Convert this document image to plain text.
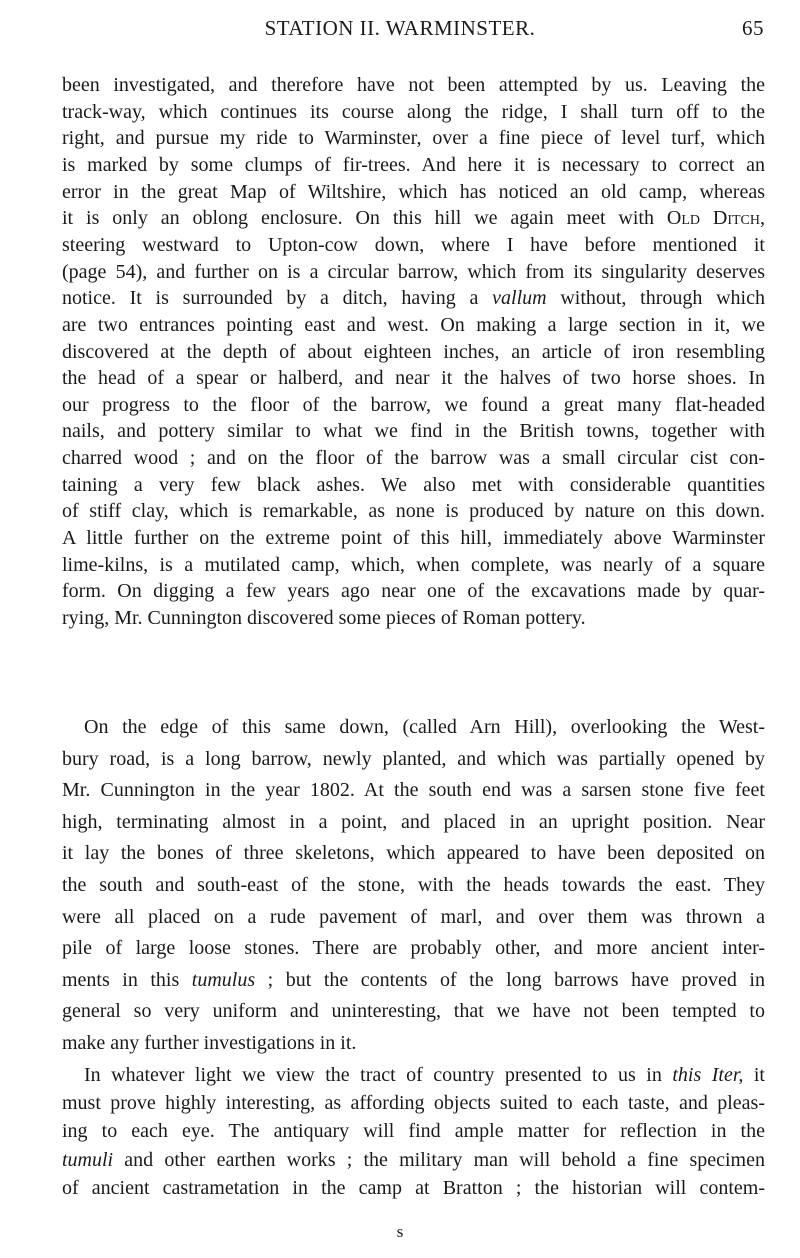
STATION II. WARMINSTER.	65
been investigated, and therefore have not been attempted by us. Leaving the
track-way, which continues its course along the ridge, I shall turn off to the
right, and pursue my ride to Warminster, over a fine piece of level turf, which
is marked by some clumps of fir-trees. And here it is necessary to correct an
error in the great Map of Wiltshire, which has noticed an old camp, whereas
it is only an oblong enclosure. On this hill we again meet with Old Ditch,
steering westward to Upton-cow down, where I have before mentioned it
(page 54), and further on is a circular barrow, which from its singularity deserves
notice. It is surrounded by a ditch, having a vallum without, through which
are two entrances pointing east and west. On making a large section in it, we
discovered at the depth of about eighteen inches, an article of iron resembling
the head of a spear or halberd, and near it the halves of two horse shoes. In
our progress to the floor of the barrow, we found a great many flat-headed
nails, and pottery similar to what we find in the British towns, together with
charred wood ; and on the floor of the barrow was a small circular cist con-
taining a very few black ashes. We also met with considerable quantities
of stiff clay, which is remarkable, as none is produced by nature on this down.
A little further on the extreme point of this hill, immediately above Warminster
lime-kilns, is a mutilated camp, which, when complete, was nearly of a square
form. On digging a few years ago near one of the excavations made by quar-
rying, Mr. Cunnington discovered some pieces of Roman pottery.
On the edge of this same down, (called Arn Hill), overlooking the West-
bury road, is a long barrow, newly planted, and which was partially opened by
Mr. Cunnington in the year 1802. At the south end was a sarsen stone five feet
high, terminating almost in a point, and placed in an upright position. Near
it lay the bones of three skeletons, which appeared to have been deposited on
the south and south-east of the stone, with the heads towards the east. They
were all placed on a rude pavement of marl, and over them was thrown a
pile of large loose stones. There are probably other, and more ancient inter-
ments in this tumulus ; but the contents of the long barrows have proved in
general so very uniform and uninteresting, that we have not been tempted to
make any further investigations in it.
In whatever light we view the tract of country presented to us in this Iter, it
must prove highly interesting, as affording objects suited to each taste, and pleas-
ing to each eye. The antiquary will find ample matter for reflection in the
tumuli and other earthen works ; the military man will behold a fine specimen
of ancient castrametation in the camp at Bratton ; the historian will contem-
s
